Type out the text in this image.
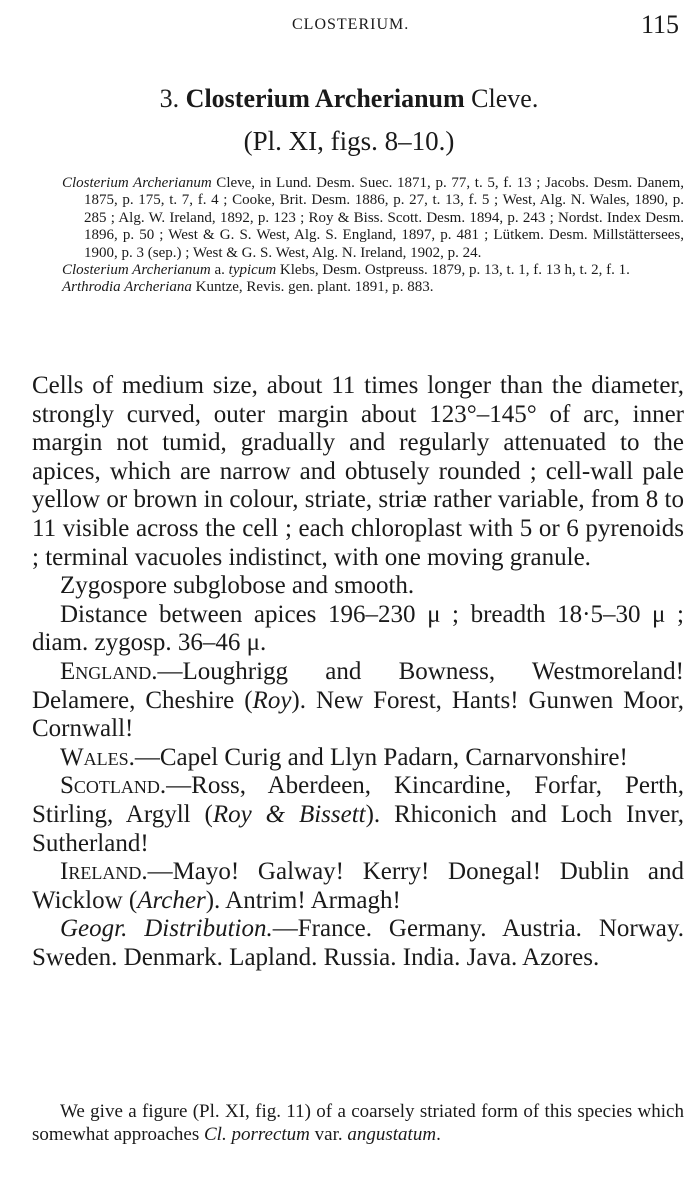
CLOSTERIUM.	115
3. Closterium Archerianum Cleve.
(Pl. XI, figs. 8–10.)
Closterium Archerianum Cleve, in Lund. Desm. Suec. 1871, p. 77, t. 5, f. 13 ; Jacobs. Desm. Danem, 1875, p. 175, t. 7, f. 4 ; Cooke, Brit. Desm. 1886, p. 27, t. 13, f. 5 ; West, Alg. N. Wales, 1890, p. 285 ; Alg. W. Ireland, 1892, p. 123 ; Roy & Biss. Scott. Desm. 1894, p. 243 ; Nordst. Index Desm. 1896, p. 50 ; West & G. S. West, Alg. S. England, 1897, p. 481 ; Lütkem. Desm. Millstättersees, 1900, p. 3 (sep.) ; West & G. S. West, Alg. N. Ireland, 1902, p. 24.
Closterium Archerianum a. typicum Klebs, Desm. Ostpreuss. 1879, p. 13, t. 1, f. 13 h, t. 2, f. 1.
Arthrodia Archeriana Kuntze, Revis. gen. plant. 1891, p. 883.

Cells of medium size, about 11 times longer than the diameter, strongly curved, outer margin about 123°–145° of arc, inner margin not tumid, gradually and regularly attenuated to the apices, which are narrow and obtusely rounded ; cell-wall pale yellow or brown in colour, striate, striæ rather variable, from 8 to 11 visible across the cell ; each chloroplast with 5 or 6 pyrenoids ; terminal vacuoles indistinct, with one moving granule.

Zygospore subglobose and smooth.

Distance between apices 196–230 μ ; breadth 18·5–30 μ ; diam. zygosp. 36–46 μ.

England.—Loughrigg and Bowness, Westmoreland! Delamere, Cheshire (Roy). New Forest, Hants! Gunwen Moor, Cornwall!

Wales.—Capel Curig and Llyn Padarn, Carnarvonshire!

Scotland.—Ross, Aberdeen, Kincardine, Forfar, Perth, Stirling, Argyll (Roy & Bissett). Rhiconich and Loch Inver, Sutherland!

Ireland.—Mayo! Galway! Kerry! Donegal! Dublin and Wicklow (Archer). Antrim! Armagh!

Geogr. Distribution.—France. Germany. Austria. Norway. Sweden. Denmark. Lapland. Russia. India. Java. Azores.

We give a figure (Pl. XI, fig. 11) of a coarsely striated form of this species which somewhat approaches Cl. porrectum var. angustatum.
